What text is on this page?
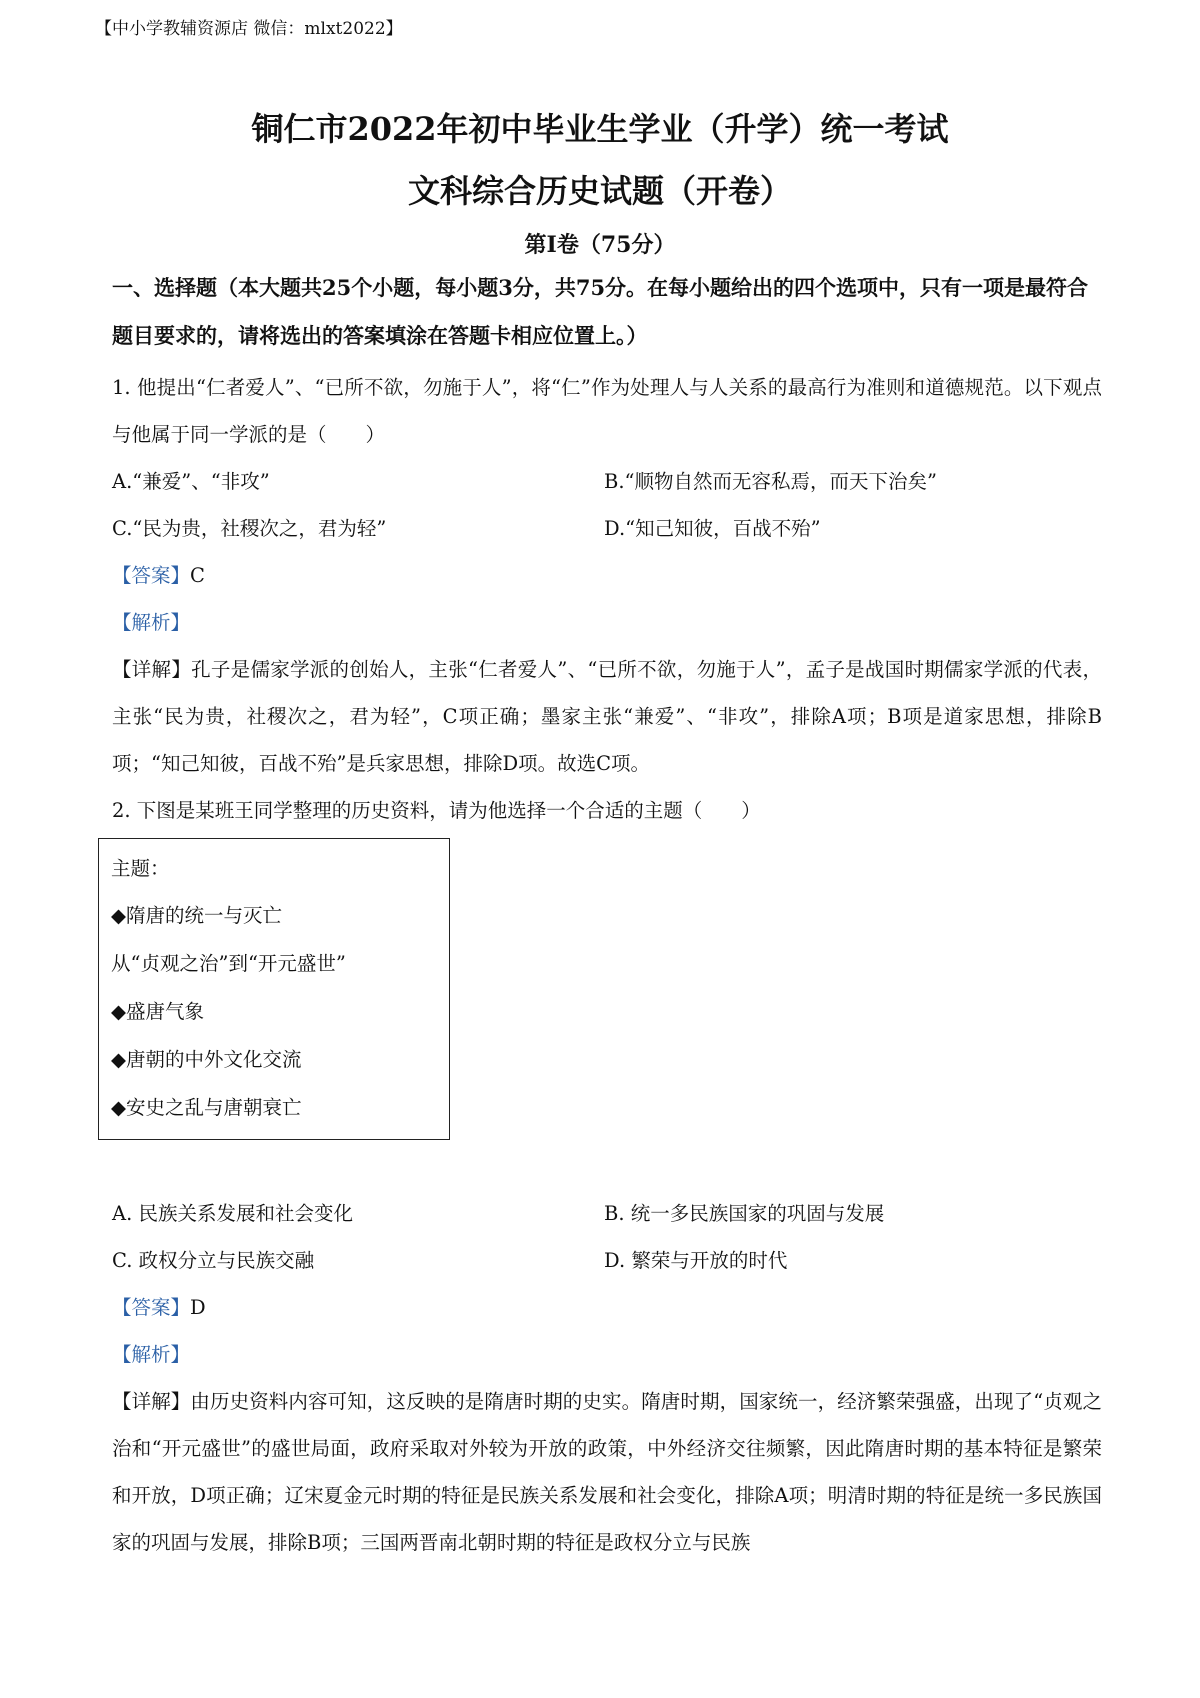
【中小学教辅资源店 微信：mlxt2022】
铜仁市2022年初中毕业生学业（升学）统一考试
文科综合历史试题（开卷）
第I卷（75分）
一、选择题（本大题共25个小题，每小题3分，共75分。在每小题给出的四个选项中，只有一项是最符合题目要求的，请将选出的答案填涂在答题卡相应位置上。）
1. 他提出“仁者爱人”、“已所不欲，勿施于人”，将“仁”作为处理人与人关系的最高行为准则和道德规范。以下观点与他属于同一学派的是（　　）
A.“兼爱”、“非攻”	B.“顺物自然而无容私焉，而天下治矣”
C.“民为贵，社稷次之，君为轻”	D.“知己知彼，百战不殆”
【答案】C
【解析】
【详解】孔子是儒家学派的创始人，主张“仁者爱人”、“已所不欲，勿施于人”，孟子是战国时期儒家学派的代表，主张“民为贵，社稷次之，君为轻”，C项正确；墨家主张“兼爱”、“非攻”，排除A项；B项是道家思想，排除B项；“知己知彼，百战不殆”是兵家思想，排除D项。故选C项。
2. 下图是某班王同学整理的历史资料，请为他选择一个合适的主题（　　）
主题：
◆隋唐的统一与灭亡
从“贞观之治”到“开元盛世”
◆盛唐气象
◆唐朝的中外文化交流
◆安史之乱与唐朝衰亡
A. 民族关系发展和社会变化	B. 统一多民族国家的巩固与发展
C. 政权分立与民族交融	D. 繁荣与开放的时代
【答案】D
【解析】
【详解】由历史资料内容可知，这反映的是隋唐时期的史实。隋唐时期，国家统一，经济繁荣强盛，出现了“贞观之治和“开元盛世”的盛世局面，政府采取对外较为开放的政策，中外经济交往频繁，因此隋唐时期的基本特征是繁荣和开放，D项正确；辽宋夏金元时期的特征是民族关系发展和社会变化，排除A项；明清时期的特征是统一多民族国家的巩固与发展，排除B项；三国两晋南北朝时期的特征是政权分立与民族
